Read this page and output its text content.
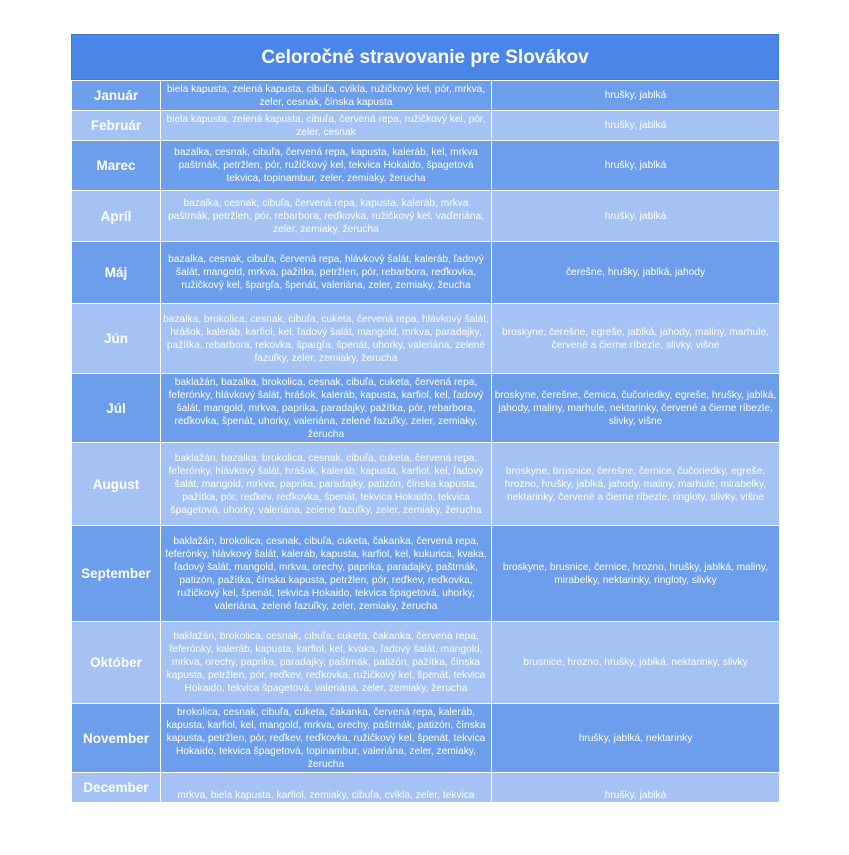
Celoročné stravovanie pre Slovákov
Január	biela kapusta, zelená kapusta, cibuľa, cvikla, ružičkový kel, pór, mrkva, zeler, cesnak, čínska kapusta	hrušky, jablká
Február	biela kapusta, zelená kapusta, cibuľa, červená repa, ružičkový kel, pór, zeler, cesnak	hrušky, jablká
Marec	bazalka, cesnak, cibuľa, červená repa, kapusta, kaleráb, kel, mrkva paštrnák, petržlen, pór, ružičkový kel, tekvica Hokaido, špagetová tekvica, topinambur, zeler, zemiaky, žerucha	hrušky, jablká
Apríl	bazalka, cesnak, cibuľa, červená repa, kapusta, kaleráb, mrkva paštrnák, petržlen, pór, rebarbora, reďkovka, ružičkový kel, vaďeriána, zeler, zemiaky, žerucha	hrušky, jablká
Máj	bazalka, cesnak, cibuľa, červená repa, hlávkový šalát, kaleráb, ľadový šalát, mangold, mrkva, pažítka, petržlen, pór, rebarbora, reďkovka, ružičkový kel, špargľa, špenát, valeriána, zeler, zemiaky, žeucha	čerešne, hrušky, jablká, jahody
Jún	bazalka, brokolica, cesnak, cibuľa, cuketa, červená repa, hlávkový šalát, hrášok, kaleráb, karfiol, kel, ľadový šalát, mangold, mrkva, paradajky, pažítka, rebarbora, rekovka, špargľa, špenát, uhorky, valeriána, zelené fazuľky, zeler, zemiaky, žerucha	broskyne, čerešne, egreše, jablká, jahody, maliny, marhule, červené a čierne ríbezle, slivky, višne
Júl	baklažán, bazalka, brokolica, cesnak, cibuľa, cuketa, červená repa, feferónky, hlávkový šalát, hrášok, kaleráb, kapusta, karfiol, kel, ľadový šalát, mangold, mrkva, paprika, paradajky, pažítka, pór, rebarbora, reďkovka, špenát, uhorky, valeriána, zelené fazuľky, zeler, zemiaky, žerucha	broskyne, čerešne, čemica, čučoriedky, egreše, hrušky, jablká, jahody, maliny, marhule, nektarinky, červené a čierne ríbezle, slivky, višne
August	baklažán, bazalka, brokolica, cesnak, cibuľa, cuketa, červená repa, feferónky, hlávkový šalát, hrášok, kaleráb, kapusta, karfiol, kel, ľadový šalát, mangold, mrkva, paprika, paradajky, patizón, čínska kapusta, pažítka, pór, reďkev, reďkovka, špenát, tekvica Hokaido, tekvica špagetová, uhorky, valeriána, zelené fazuľky, zeler, zemiaky, žerucha	broskyne, brusnice, čerešne, černice, čučoriedky, egreše, hrozno, hrušky, jablká, jahody, maliny, marhule, mirabelky, nektarinky, červené a čierne ríbezle, ringloty, slivky, višne
September	baklažán, brokolica, cesnak, cibuľa, cuketa, čakanka, červená repa, feferónky, hlávkový šalát, kaleráb, kapusta, karfiol, kel, kukurica, kvaka, ľadový šalát, mangold, mrkva, orechy, paprika, paradajky, paštrnák, patizón, pažítka, čínska kapusta, petržlen, pór, reďkev, reďkovka, ružičkový kel, špenát, tekvica Hokaido, tekvica špagetová, uhorky, valeriána, zelené fazuľky, zeler, zemiaky, žerucha	broskyne, brusnice, černice, hrozno, hrušky, jablká, maliny, mirabelky, nektarinky, ringloty, slivky
Október	baklažán, brokolica, cesnak, cibuľa, cuketa, čakanka, červená repa, feferónky, kaleráb, kapusta, karfiol, kel, kvaka, ľadový šalát, mangold, mrkva, orechy, paprika, paradajky, paštrnák, patizón, pažítka, čínska kapusta, petržlen, pór, reďkev, reďkovka, ružičkový kel, špenát, tekvica Hokaido, tekvica špagetová, valeriána, zeler, zemiaky, žerucha	brusnice, hrozno, hrušky, jablká, nektarinky, slivky
November	brokolica, cesnak, cibuľa, cuketa, čakanka, červená repa, kaleráb, kapusta, karfiol, kel, mangold, mrkva, orechy, paštrnák, patizón, čínska kapusta, petržlen, pór, reďkev, reďkovka, ružičkový kel, špenát, tekvica Hokaido, tekvica špagetová, topinambur, valeriána, zeler, zemiaky, žerucha	hrušky, jablká, nektarinky
December	mrkva, biela kapusta, karfiol, zemiaky, cibuľa, cvikla, zeler, tekvica	hrušky, jablká
